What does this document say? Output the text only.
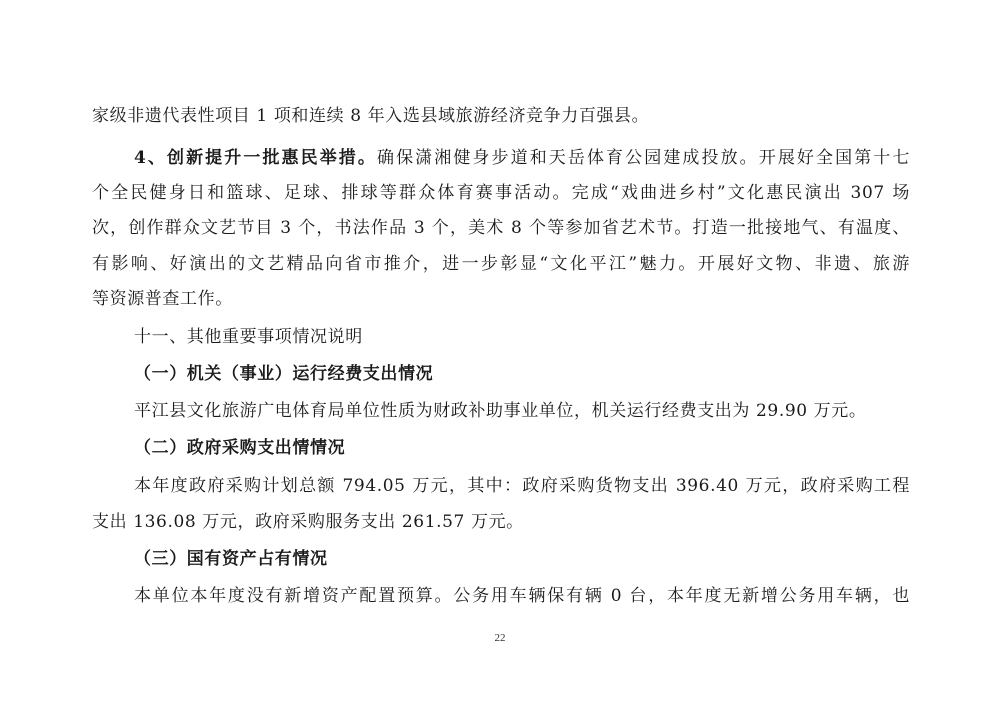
家级非遗代表性项目 1 项和连续 8 年入选县域旅游经济竞争力百强县。
4、创新提升一批惠民举措。确保潇湘健身步道和天岳体育公园建成投放。开展好全国第十七
个全民健身日和篮球、足球、排球等群众体育赛事活动。完成“戏曲进乡村”文化惠民演出 307 场
次，创作群众文艺节目 3 个，书法作品 3 个，美术 8 个等参加省艺术节。打造一批接地气、有温度、
有影响、好演出的文艺精品向省市推介，进一步彰显“文化平江”魅力。开展好文物、非遗、旅游
等资源普查工作。
十一、其他重要事项情况说明
（一）机关（事业）运行经费支出情况
平江县文化旅游广电体育局单位性质为财政补助事业单位，机关运行经费支出为 29.90 万元。
（二）政府采购支出情情况
本年度政府采购计划总额 794.05 万元，其中：政府采购货物支出 396.40 万元，政府采购工程
支出 136.08 万元，政府采购服务支出 261.57 万元。
（三）国有资产占有情况
本单位本年度没有新增资产配置预算。公务用车辆保有辆 0 台，本年度无新增公务用车辆，也
22
